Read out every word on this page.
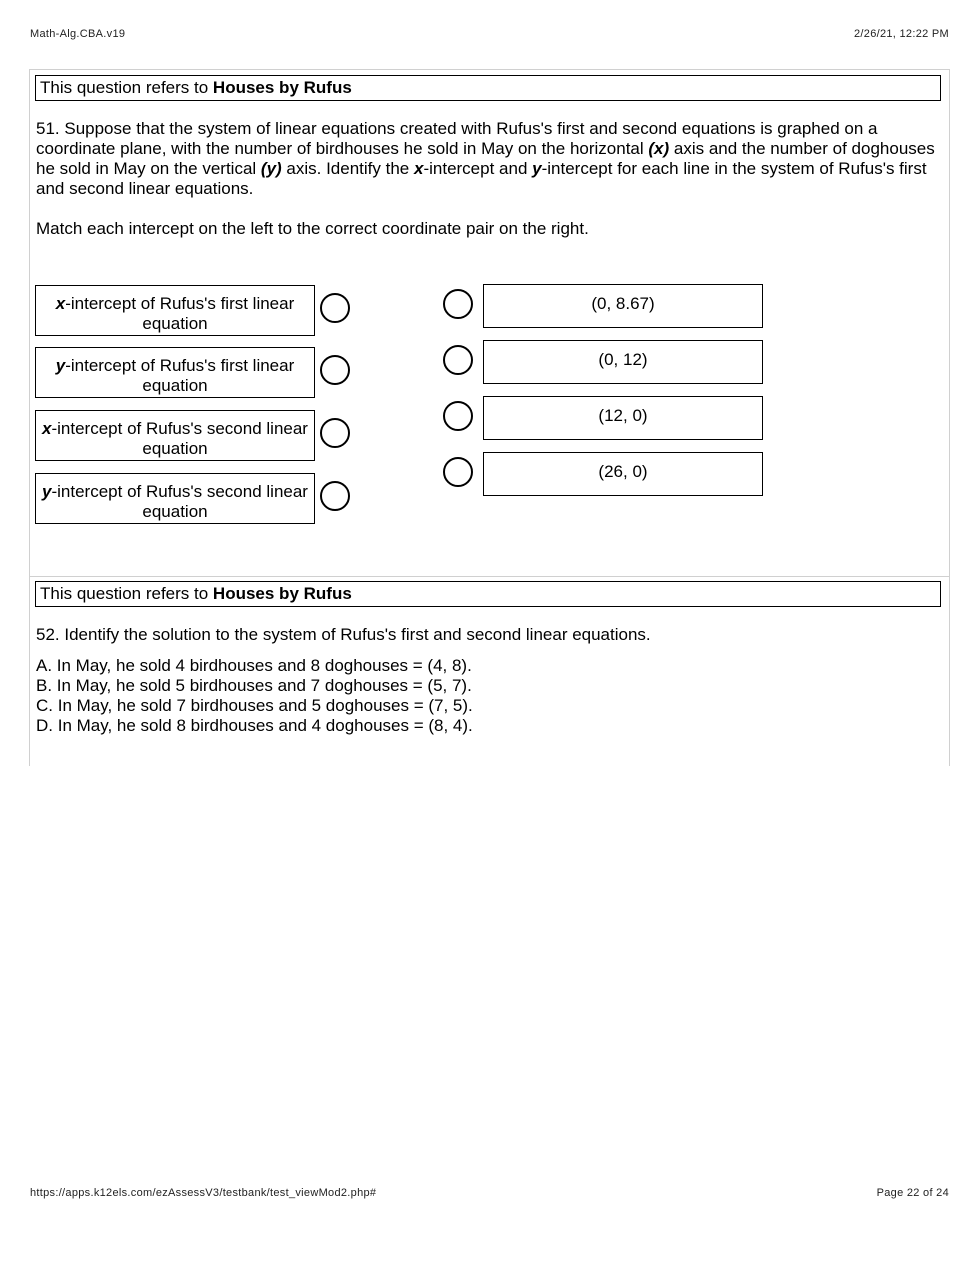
Math-Alg.CBA.v19	2/26/21, 12:22 PM
This question refers to Houses by Rufus
51. Suppose that the system of linear equations created with Rufus's first and second equations is graphed on a coordinate plane, with the number of birdhouses he sold in May on the horizontal (x) axis and the number of doghouses he sold in May on the vertical (y) axis. Identify the x-intercept and y-intercept for each line in the system of Rufus's first and second linear equations.
Match each intercept on the left to the correct coordinate pair on the right.
x-intercept of Rufus's first linear equation
y-intercept of Rufus's first linear equation
x-intercept of Rufus's second linear equation
y-intercept of Rufus's second linear equation
(0, 8.67)
(0, 12)
(12, 0)
(26, 0)
This question refers to Houses by Rufus
52. Identify the solution to the system of Rufus's first and second linear equations.
A. In May, he sold 4 birdhouses and 8 doghouses = (4, 8).
B. In May, he sold 5 birdhouses and 7 doghouses = (5, 7).
C. In May, he sold 7 birdhouses and 5 doghouses = (7, 5).
D. In May, he sold 8 birdhouses and 4 doghouses = (8, 4).
https://apps.k12els.com/ezAssessV3/testbank/test_viewMod2.php#	Page 22 of 24
